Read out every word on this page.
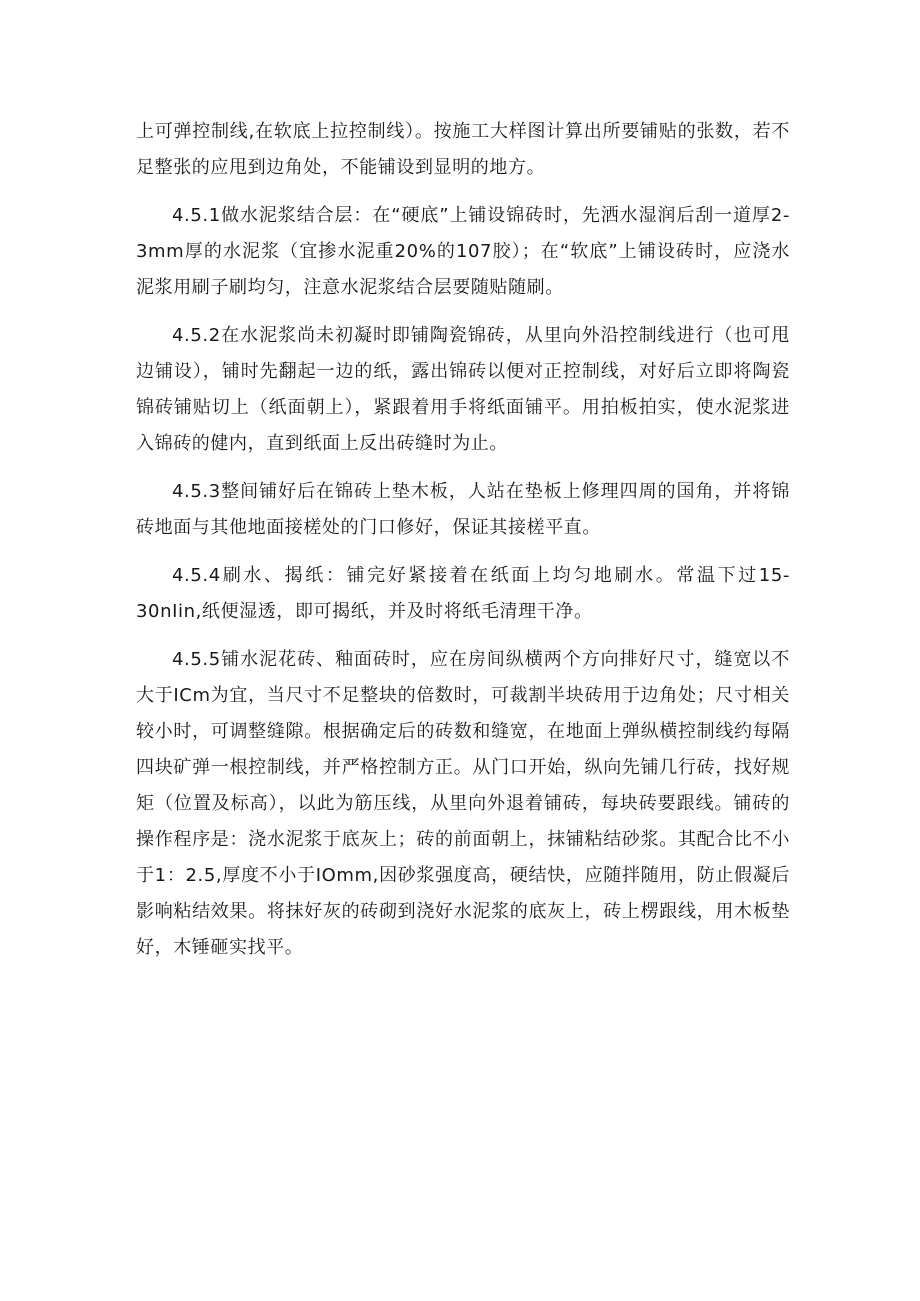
上可弹控制线,在软底上拉控制线）。按施工大样图计算出所要铺贴的张数，若不足整张的应甩到边角处，不能铺设到显明的地方。

4.5.1做水泥浆结合层：在“硬底”上铺设锦砖时，先洒水湿润后刮一道厚2-3mm厚的水泥浆（宜掺水泥重20%的107胶）；在“软底”上铺设砖时，应浇水泥浆用刷子刷均匀，注意水泥浆结合层要随贴随刷。

4.5.2在水泥浆尚未初凝时即铺陶瓷锦砖，从里向外沿控制线进行（也可甩边铺设），铺时先翻起一边的纸，露出锦砖以便对正控制线，对好后立即将陶瓷锦砖铺贴切上（纸面朝上），紧跟着用手将纸面铺平。用拍板拍实，使水泥浆进入锦砖的健内，直到纸面上反出砖缝时为止。

4.5.3整间铺好后在锦砖上垫木板，人站在垫板上修理四周的国角，并将锦砖地面与其他地面接槎处的门口修好，保证其接槎平直。

4.5.4刷水、揭纸：铺完好紧接着在纸面上均匀地刷水。常温下过15-30nIin,纸便湿透，即可揭纸，并及时将纸毛清理干净。

4.5.5铺水泥花砖、釉面砖时，应在房间纵横两个方向排好尺寸，缝宽以不大于ICm为宜，当尺寸不足整块的倍数时，可裁割半块砖用于边角处；尺寸相关较小时，可调整缝隙。根据确定后的砖数和缝宽，在地面上弹纵横控制线约每隔四块矿弹一根控制线，并严格控制方正。从门口开始，纵向先铺几行砖，找好规矩（位置及标高），以此为筋压线，从里向外退着铺砖，每块砖要跟线。铺砖的操作程序是：浇水泥浆于底灰上；砖的前面朝上，抹铺粘结砂浆。其配合比不小于1：2.5,厚度不小于IOmm,因砂浆强度高，硬结快，应随拌随用，防止假凝后影响粘结效果。将抹好灰的砖砌到浇好水泥浆的底灰上，砖上楞跟线，用木板垫好，木锤砸实找平。
